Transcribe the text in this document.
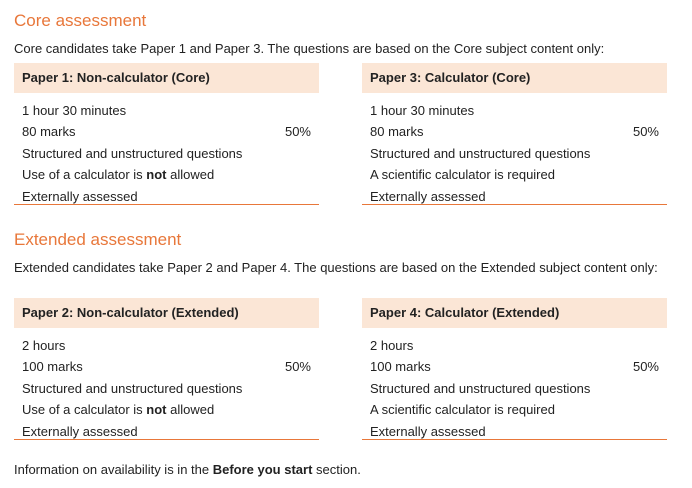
Core assessment

Core candidates take Paper 1 and Paper 3. The questions are based on the Core subject content only:

Paper 1: Non-calculator (Core)
1 hour 30 minutes
80 marks	50%
Structured and unstructured questions
Use of a calculator is not allowed
Externally assessed
Paper 3: Calculator (Core)
1 hour 30 minutes
80 marks	50%
Structured and unstructured questions
A scientific calculator is required
Externally assessed
Extended assessment

Extended candidates take Paper 2 and Paper 4. The questions are based on the Extended subject content only:

Paper 2: Non-calculator (Extended)
2 hours
100 marks	50%
Structured and unstructured questions
Use of a calculator is not allowed
Externally assessed
Paper 4: Calculator (Extended)
2 hours
100 marks	50%
Structured and unstructured questions
A scientific calculator is required
Externally assessed

Information on availability is in the Before you start section.
